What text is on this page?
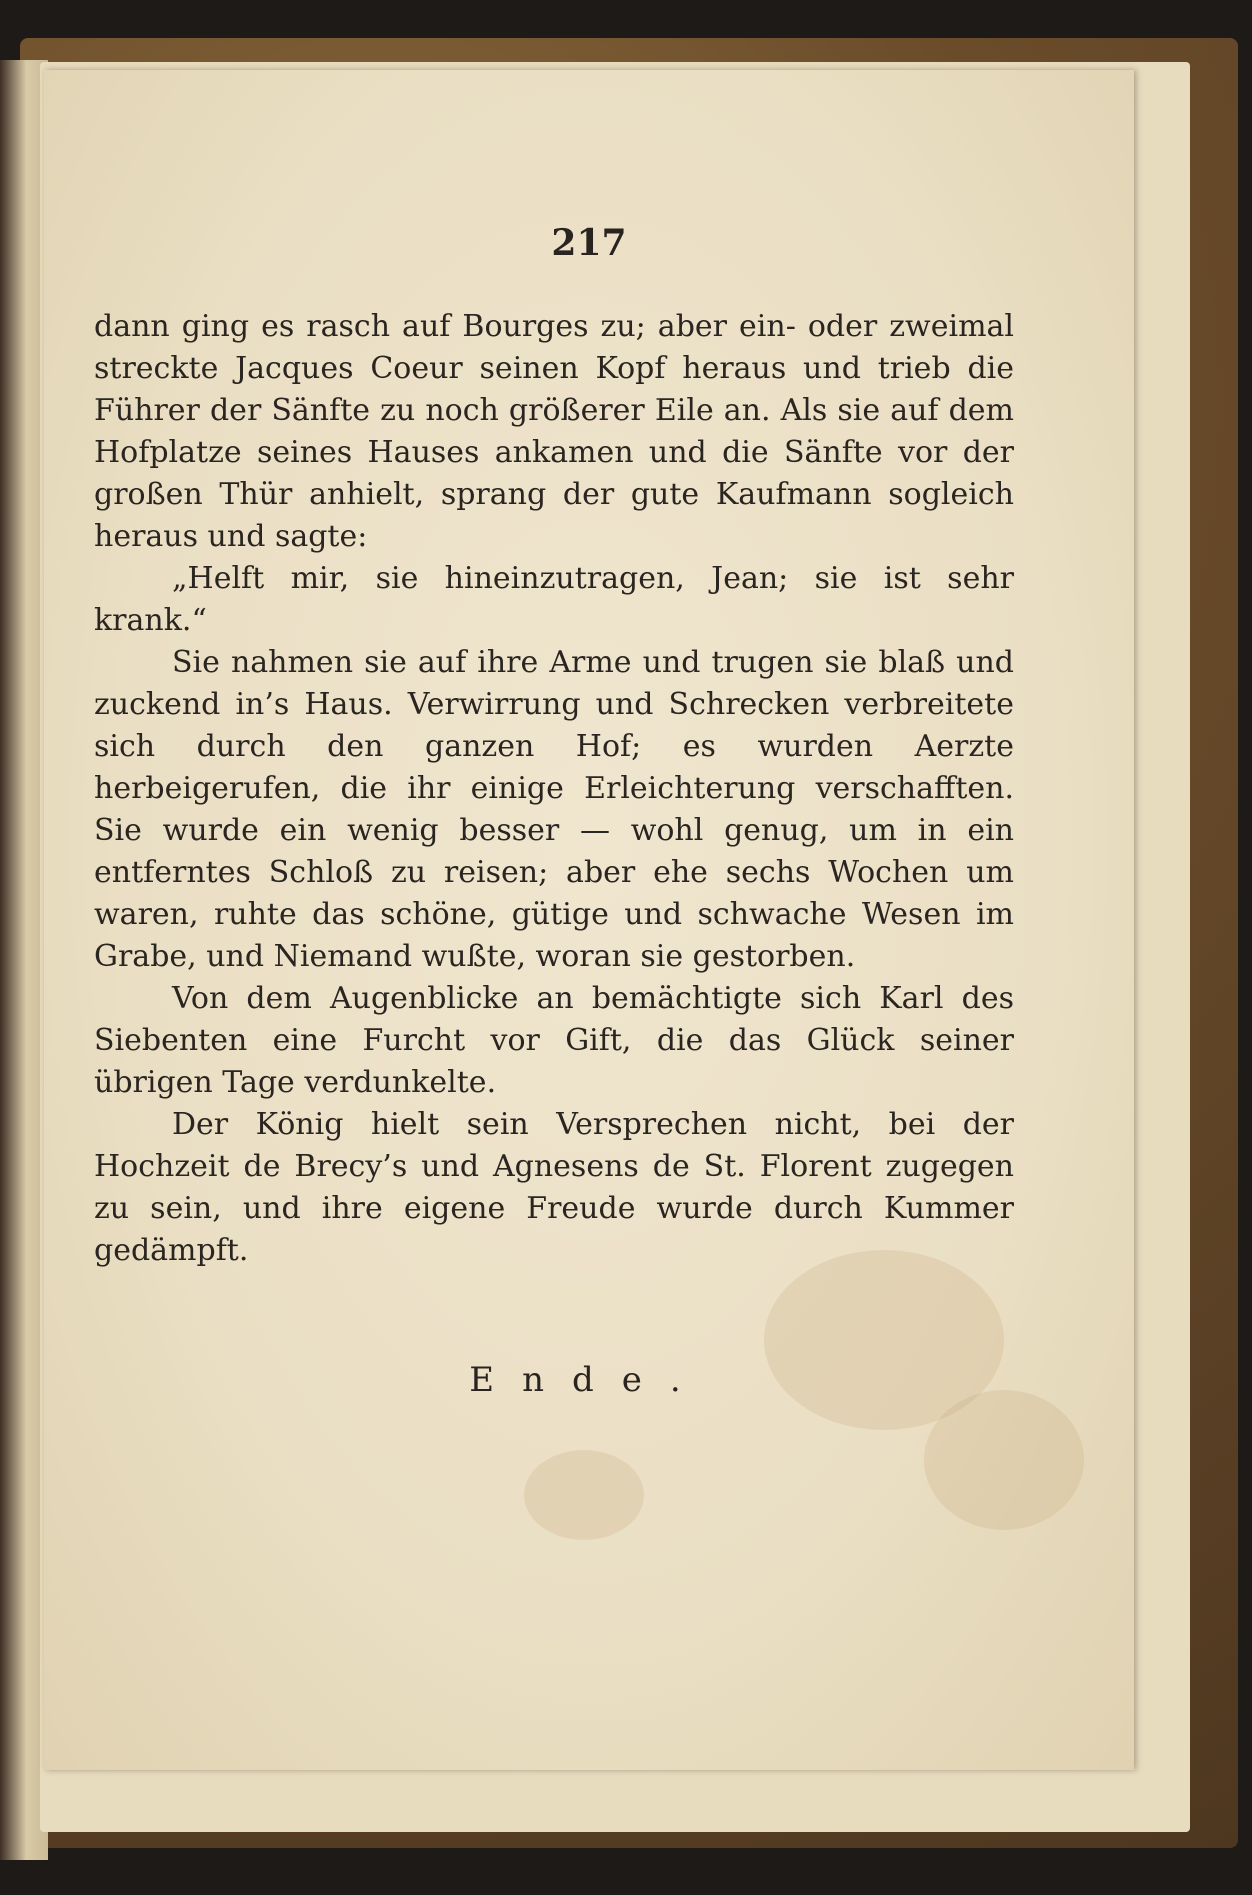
217

dann ging es rasch auf Bourges zu; aber ein- oder zweimal streckte Jacques Coeur seinen Kopf heraus und trieb die Führer der Sänfte zu noch größerer Eile an. Als sie auf dem Hofplatze seines Hauses ankamen und die Sänfte vor der großen Thür anhielt, sprang der gute Kaufmann sogleich heraus und sagte:

„Helft mir, sie hineinzutragen, Jean; sie ist sehr krank.“

Sie nahmen sie auf ihre Arme und trugen sie blaß und zuckend in’s Haus. Verwirrung und Schrecken verbreitete sich durch den ganzen Hof; es wurden Aerzte herbeigerufen, die ihr einige Erleichterung verschafften. Sie wurde ein wenig besser — wohl genug, um in ein entferntes Schloß zu reisen; aber ehe sechs Wochen um waren, ruhte das schöne, gütige und schwache Wesen im Grabe, und Niemand wußte, woran sie gestorben.

Von dem Augenblicke an bemächtigte sich Karl des Siebenten eine Furcht vor Gift, die das Glück seiner übrigen Tage verdunkelte.

Der König hielt sein Versprechen nicht, bei der Hochzeit de Brecy’s und Agnesens de St. Florent zugegen zu sein, und ihre eigene Freude wurde durch Kummer gedämpft.

Ende.
